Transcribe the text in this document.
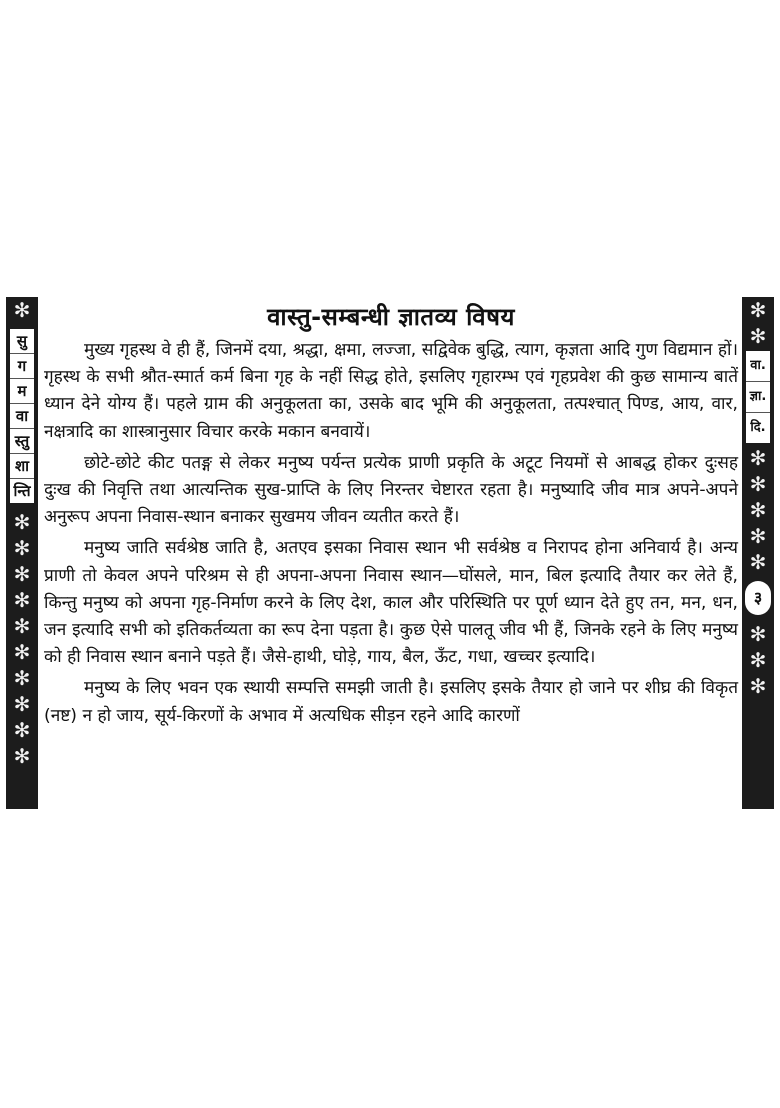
✻
सु
ग
म
वा
स्तु
शा
न्ति
✻
✻
✻
✻
✻
✻
✻
✻
✻
✻
वास्तु-सम्बन्धी ज्ञातव्य विषय

मुख्य गृहस्थ वे ही हैं, जिनमें दया, श्रद्धा, क्षमा, लज्जा, सद्विवेक बुद्धि, त्याग, कृज्ञता आदि गुण विद्यमान हों। गृहस्थ के सभी श्रौत-स्मार्त कर्म बिना गृह के नहीं सिद्ध होते, इसलिए गृहारम्भ एवं गृहप्रवेश की कुछ सामान्य बातें ध्यान देने योग्य हैं। पहले ग्राम की अनुकूलता का, उसके बाद भूमि की अनुकूलता, तत्पश्चात् पिण्ड, आय, वार, नक्षत्रादि का शास्त्रानुसार विचार करके मकान बनवायें।

छोटे-छोटे कीट पतङ्ग से लेकर मनुष्य पर्यन्त प्रत्येक प्राणी प्रकृति के अटूट नियमों से आबद्ध होकर दुःसह दुःख की निवृत्ति तथा आत्यन्तिक सुख-प्राप्ति के लिए निरन्तर चेष्टारत रहता है। मनुष्यादि जीव मात्र अपने-अपने अनुरूप अपना निवास-स्थान बनाकर सुखमय जीवन व्यतीत करते हैं।

मनुष्य जाति सर्वश्रेष्ठ जाति है, अतएव इसका निवास स्थान भी सर्वश्रेष्ठ व निरापद होना अनिवार्य है। अन्य प्राणी तो केवल अपने परिश्रम से ही अपना-अपना निवास स्थान—घोंसले, मान, बिल इत्यादि तैयार कर लेते हैं, किन्तु मनुष्य को अपना गृह-निर्माण करने के लिए देश, काल और परिस्थिति पर पूर्ण ध्यान देते हुए तन, मन, धन, जन इत्यादि सभी को इतिकर्तव्यता का रूप देना पड़ता है। कुछ ऐसे पालतू जीव भी हैं, जिनके रहने के लिए मनुष्य को ही निवास स्थान बनाने पड़ते हैं। जैसे-हाथी, घोड़े, गाय, बैल, ऊँट, गधा, खच्चर इत्यादि।

मनुष्य के लिए भवन एक स्थायी सम्पत्ति समझी जाती है। इसलिए इसके तैयार हो जाने पर शीघ्र की विकृत (नष्ट) न हो जाय, सूर्य-किरणों के अभाव में अत्यधिक सीड़न रहने आदि कारणों

✻
✻
वा.
ज्ञा.
दि.
✻
✻
✻
✻
✻
३
✻
✻
✻
